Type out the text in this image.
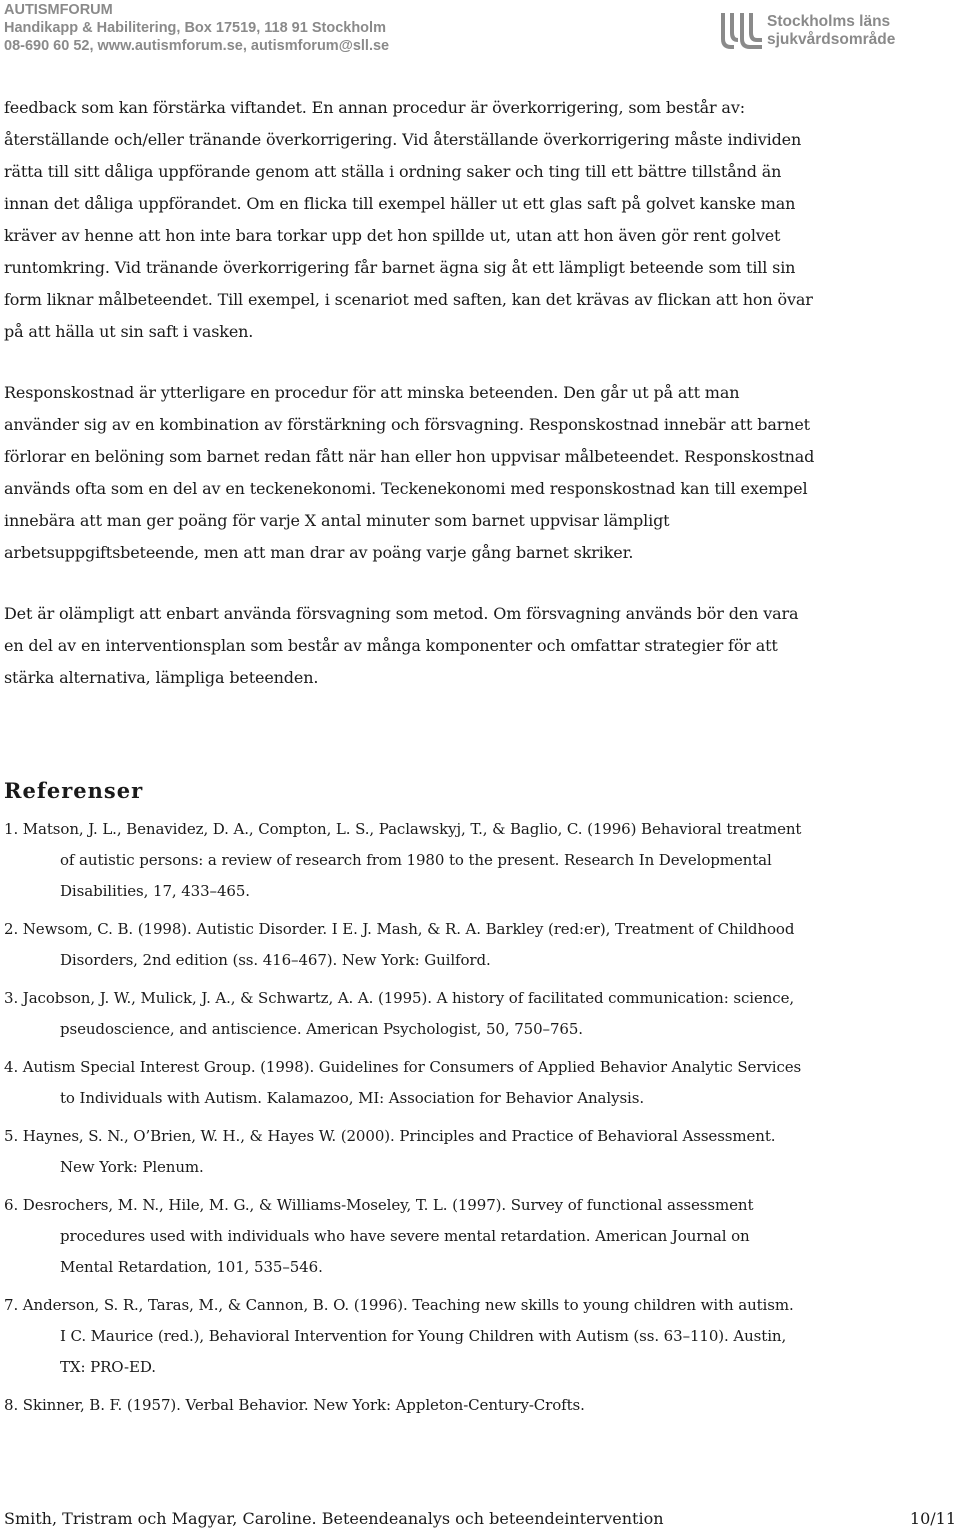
AUTISMFORUM
Handikapp & Habilitering, Box 17519, 118 91 Stockholm
08-690 60 52, www.autismforum.se, autismforum@sll.se
Stockholms läns
sjukvårdsområde

feedback som kan förstärka viftandet. En annan procedur är överkorrigering, som består av: återställande och/eller tränande överkorrigering. Vid återställande överkorrigering måste individen rätta till sitt dåliga uppförande genom att ställa i ordning saker och ting till ett bättre tillstånd än innan det dåliga uppförandet. Om en flicka till exempel häller ut ett glas saft på golvet kanske man kräver av henne att hon inte bara torkar upp det hon spillde ut, utan att hon även gör rent golvet runtomkring. Vid tränande överkorrigering får barnet ägna sig åt ett lämpligt beteende som till sin form liknar målbeteendet. Till exempel, i scenariot med saften, kan det krävas av flickan att hon övar på att hälla ut sin saft i vasken.

Responskostnad är ytterligare en procedur för att minska beteenden. Den går ut på att man använder sig av en kombination av förstärkning och försvagning. Responskostnad innebär att barnet förlorar en belöning som barnet redan fått när han eller hon uppvisar målbeteendet. Responskostnad används ofta som en del av en teckenekonomi. Teckenekonomi med responskostnad kan till exempel innebära att man ger poäng för varje X antal minuter som barnet uppvisar lämpligt arbetsuppgiftsbeteende, men att man drar av poäng varje gång barnet skriker.

Det är olämpligt att enbart använda försvagning som metod. Om försvagning används bör den vara en del av en interventionsplan som består av många komponenter och omfattar strategier för att stärka alternativa, lämpliga beteenden.

Referenser
1. Matson, J. L., Benavidez, D. A., Compton, L. S., Paclawskyj, T., & Baglio, C. (1996) Behavioral treatment of autistic persons: a review of research from 1980 to the present. Research In Developmental Disabilities, 17, 433–465.
2. Newsom, C. B. (1998). Autistic Disorder. I E. J. Mash, & R. A. Barkley (red:er), Treatment of Childhood Disorders, 2nd edition (ss. 416–467). New York: Guilford.
3. Jacobson, J. W., Mulick, J. A., & Schwartz, A. A. (1995). A history of facilitated communication: science, pseudoscience, and antiscience. American Psychologist, 50, 750–765.
4. Autism Special Interest Group. (1998). Guidelines for Consumers of Applied Behavior Analytic Services to Individuals with Autism. Kalamazoo, MI: Association for Behavior Analysis.
5. Haynes, S. N., O’Brien, W. H., & Hayes W. (2000). Principles and Practice of Behavioral Assessment. New York: Plenum.
6. Desrochers, M. N., Hile, M. G., & Williams-Moseley, T. L. (1997). Survey of functional assessment procedures used with individuals who have severe mental retardation. American Journal on Mental Retardation, 101, 535–546.
7. Anderson, S. R., Taras, M., & Cannon, B. O. (1996). Teaching new skills to young children with autism. I C. Maurice (red.), Behavioral Intervention for Young Children with Autism (ss. 63–110). Austin, TX: PRO-ED.
8. Skinner, B. F. (1957). Verbal Behavior. New York: Appleton-Century-Crofts.
Smith, Tristram och Magyar, Caroline. Beteendeanalys och beteendeintervention	10/11
